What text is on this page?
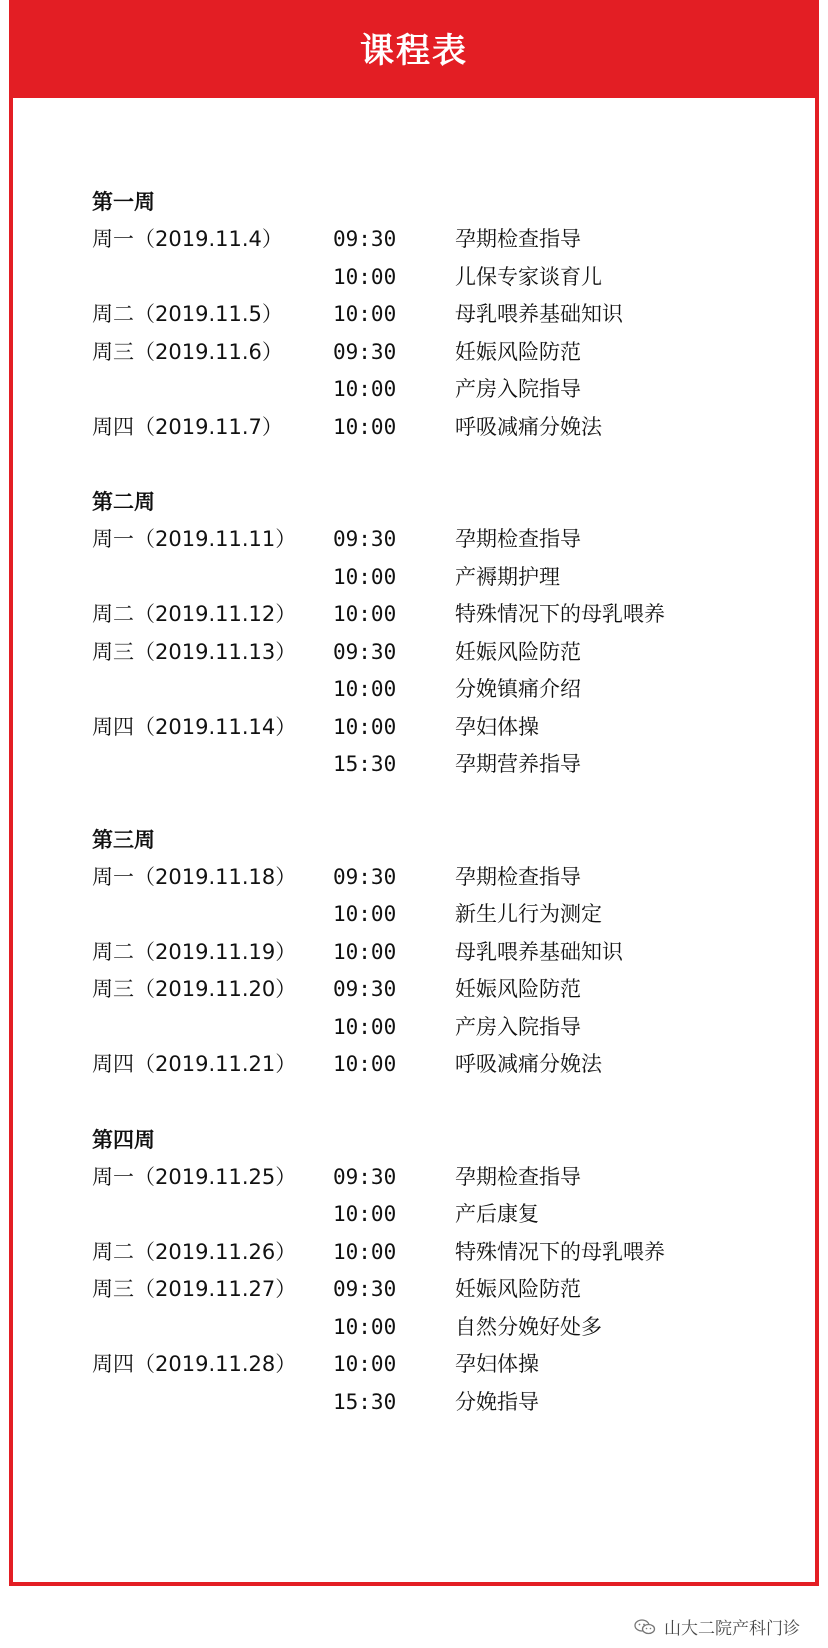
课程表
第一周
周一（2019.11.4）	09:30	孕期检查指导
10:00	儿保专家谈育儿
周二（2019.11.5）	10:00	母乳喂养基础知识
周三（2019.11.6）	09:30	妊娠风险防范
10:00	产房入院指导
周四（2019.11.7）	10:00	呼吸减痛分娩法
第二周
周一（2019.11.11）	09:30	孕期检查指导
10:00	产褥期护理
周二（2019.11.12）	10:00	特殊情况下的母乳喂养
周三（2019.11.13）	09:30	妊娠风险防范
10:00	分娩镇痛介绍
周四（2019.11.14）	10:00	孕妇体操
15:30	孕期营养指导
第三周
周一（2019.11.18）	09:30	孕期检查指导
10:00	新生儿行为测定
周二（2019.11.19）	10:00	母乳喂养基础知识
周三（2019.11.20）	09:30	妊娠风险防范
10:00	产房入院指导
周四（2019.11.21）	10:00	呼吸减痛分娩法
第四周
周一（2019.11.25）	09:30	孕期检查指导
10:00	产后康复
周二（2019.11.26）	10:00	特殊情况下的母乳喂养
周三（2019.11.27）	09:30	妊娠风险防范
10:00	自然分娩好处多
周四（2019.11.28）	10:00	孕妇体操
15:30	分娩指导
山大二院产科门诊
